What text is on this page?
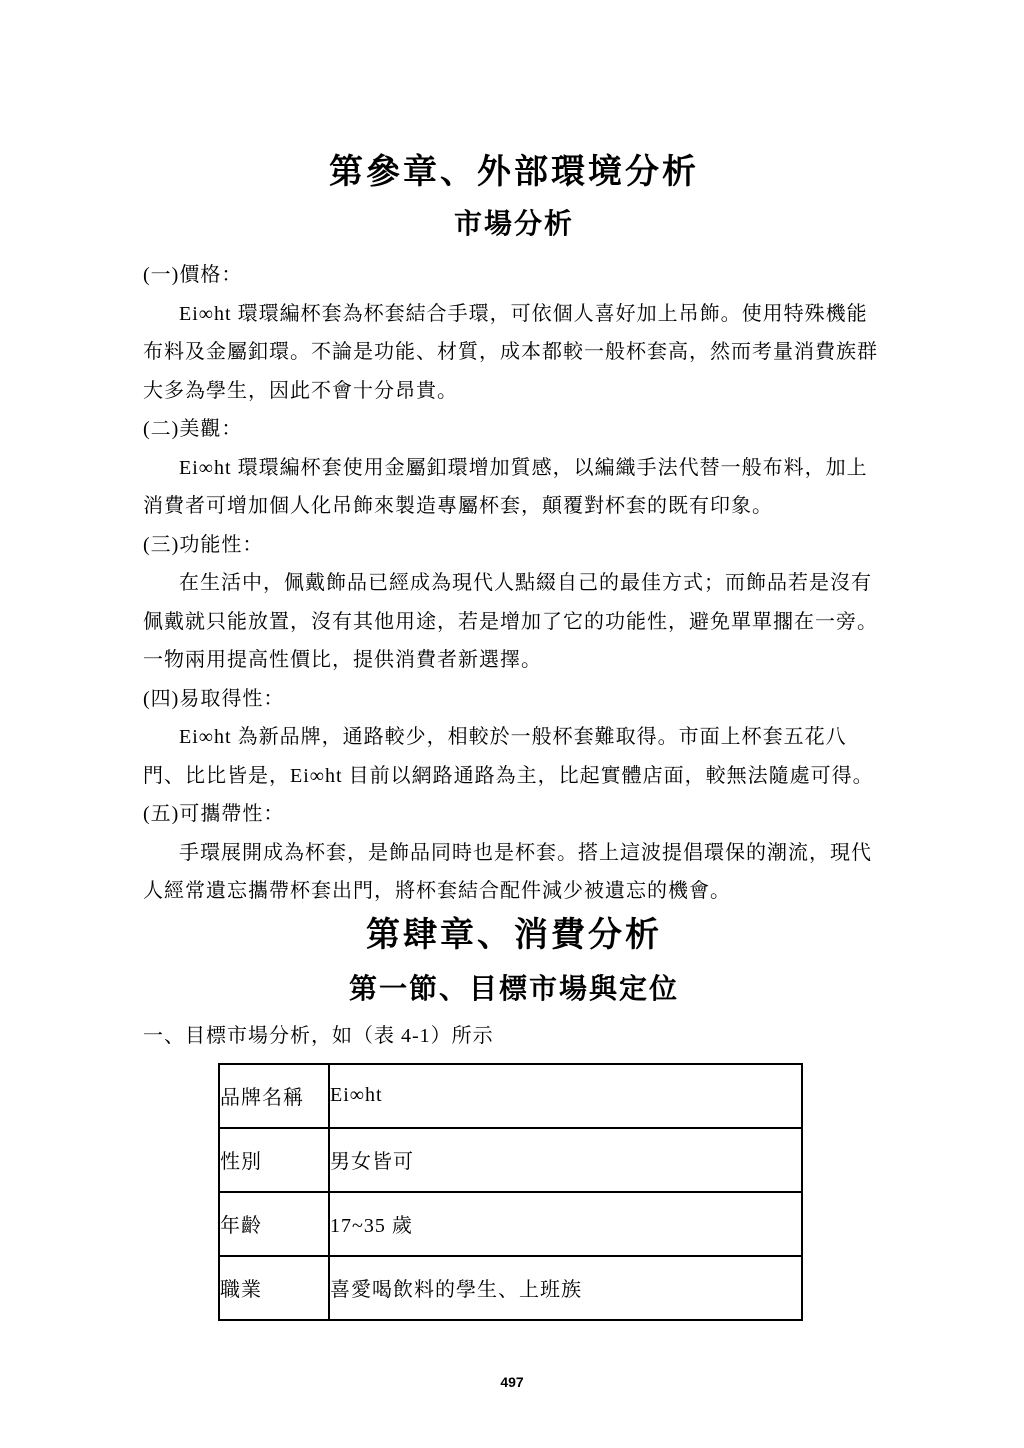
第參章、外部環境分析
市場分析
(一)價格：
Ei∞ht 環環編杯套為杯套結合手環，可依個人喜好加上吊飾。使用特殊機能
布料及金屬釦環。不論是功能、材質，成本都較一般杯套高，然而考量消費族群
大多為學生，因此不會十分昂貴。
(二)美觀：
Ei∞ht 環環編杯套使用金屬釦環增加質感，以編織手法代替一般布料，加上
消費者可增加個人化吊飾來製造專屬杯套，顛覆對杯套的既有印象。
(三)功能性：
在生活中，佩戴飾品已經成為現代人點綴自己的最佳方式；而飾品若是沒有
佩戴就只能放置，沒有其他用途，若是增加了它的功能性，避免單單擱在一旁。
一物兩用提高性價比，提供消費者新選擇。
(四)易取得性：
Ei∞ht 為新品牌，通路較少，相較於一般杯套難取得。市面上杯套五花八
門、比比皆是，Ei∞ht 目前以網路通路為主，比起實體店面，較無法隨處可得。
(五)可攜帶性：
手環展開成為杯套，是飾品同時也是杯套。搭上這波提倡環保的潮流，現代
人經常遺忘攜帶杯套出門，將杯套結合配件減少被遺忘的機會。
第肆章、消費分析
第一節、目標市場與定位
一、目標市場分析，如（表 4-1）所示
品牌名稱	Ei∞ht
性別	男女皆可
年齡	17~35 歲
職業	喜愛喝飲料的學生、上班族
497
